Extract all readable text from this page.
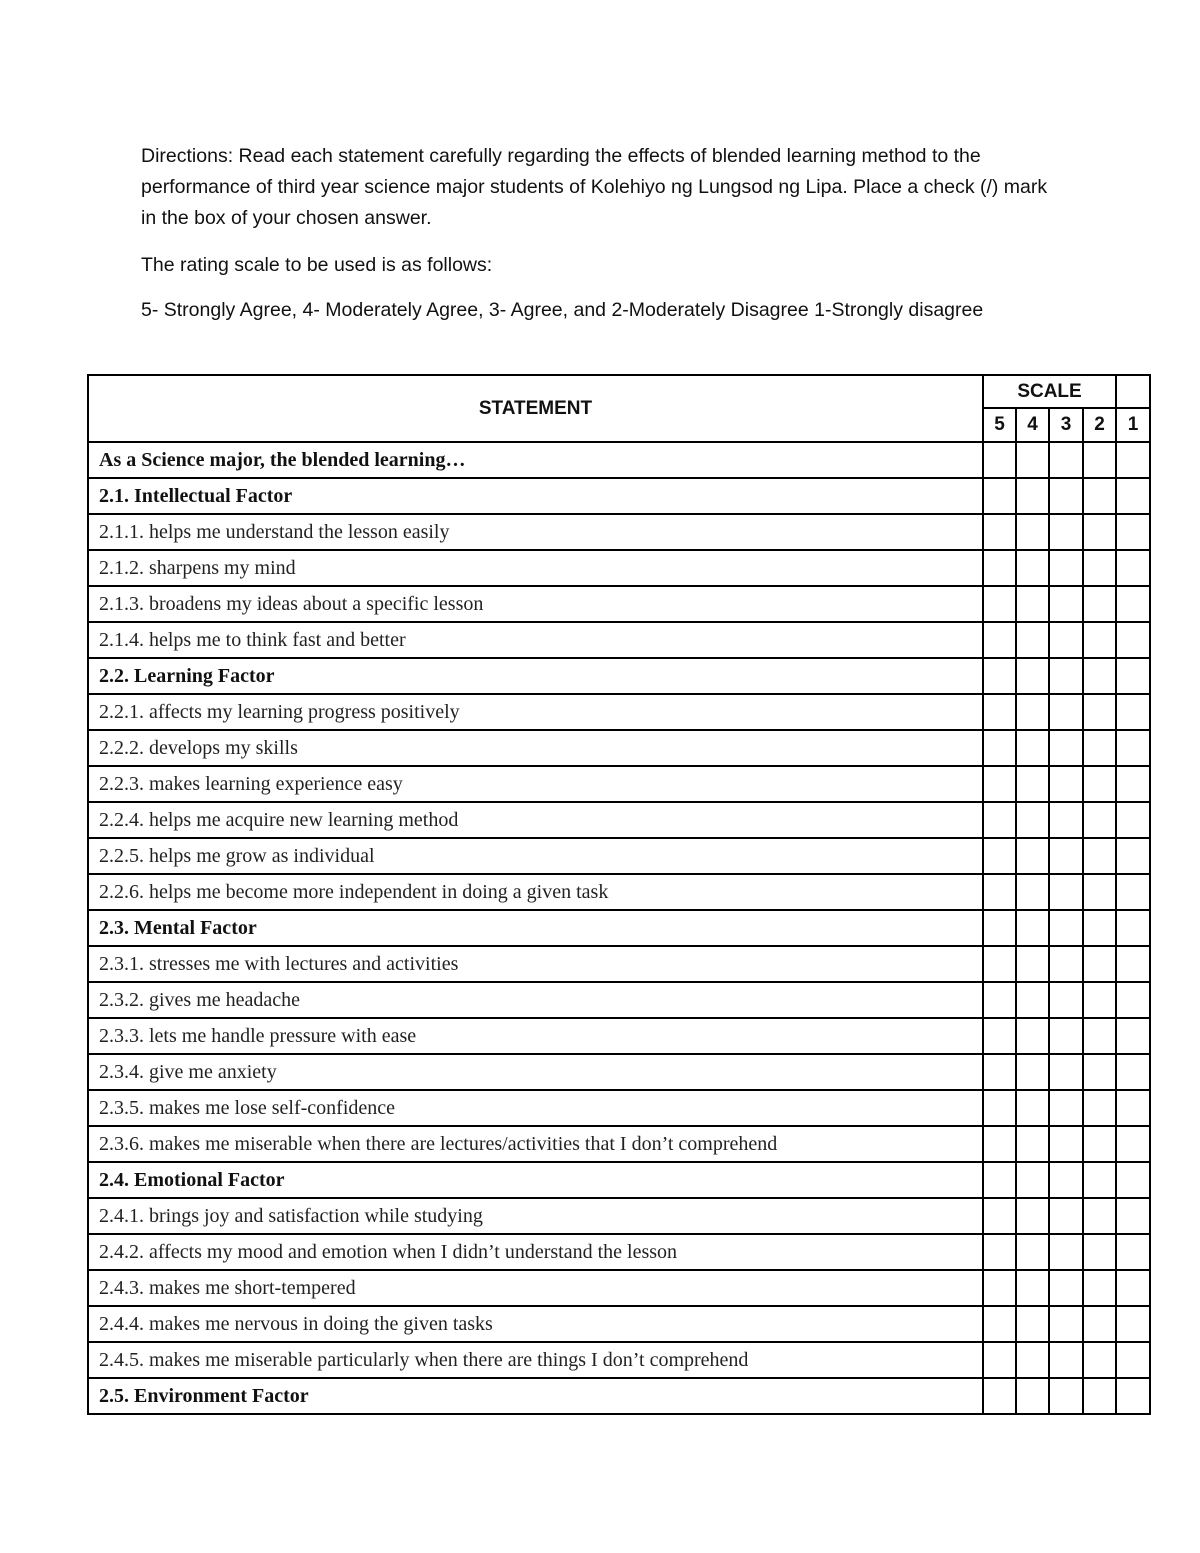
Directions: Read each statement carefully regarding the effects of blended learning method to the performance of third year science major students of Kolehiyo ng Lungsod ng Lipa. Place a check (/) mark in the box of your chosen answer.

The rating scale to be used is as follows:

5- Strongly Agree, 4- Moderately Agree, 3- Agree, and 2-Moderately Disagree 1-Strongly disagree

STATEMENT	SCALE				
	5	4	3	2	1
As a Science major, the blended learning…					
2.1. Intellectual Factor					
2.1.1. helps me understand the lesson easily					
2.1.2. sharpens my mind					
2.1.3. broadens my ideas about a specific lesson					
2.1.4. helps me to think fast and better					
2.2. Learning Factor					
2.2.1. affects my learning progress positively					
2.2.2. develops my skills					
2.2.3. makes learning experience easy					
2.2.4. helps me acquire new learning method					
2.2.5. helps me grow as individual					
2.2.6. helps me become more independent in doing a given task					
2.3. Mental Factor					
2.3.1. stresses me with lectures and activities					
2.3.2. gives me headache					
2.3.3. lets me handle pressure with ease					
2.3.4. give me anxiety					
2.3.5. makes me lose self-confidence					
2.3.6. makes me miserable when there are lectures/activities that I don’t comprehend					
2.4. Emotional Factor					
2.4.1. brings joy and satisfaction while studying					
2.4.2. affects my mood and emotion when I didn’t understand the lesson					
2.4.3. makes me short-tempered					
2.4.4. makes me nervous in doing the given tasks					
2.4.5. makes me miserable particularly when there are things I don’t comprehend					
2.5. Environment Factor					
